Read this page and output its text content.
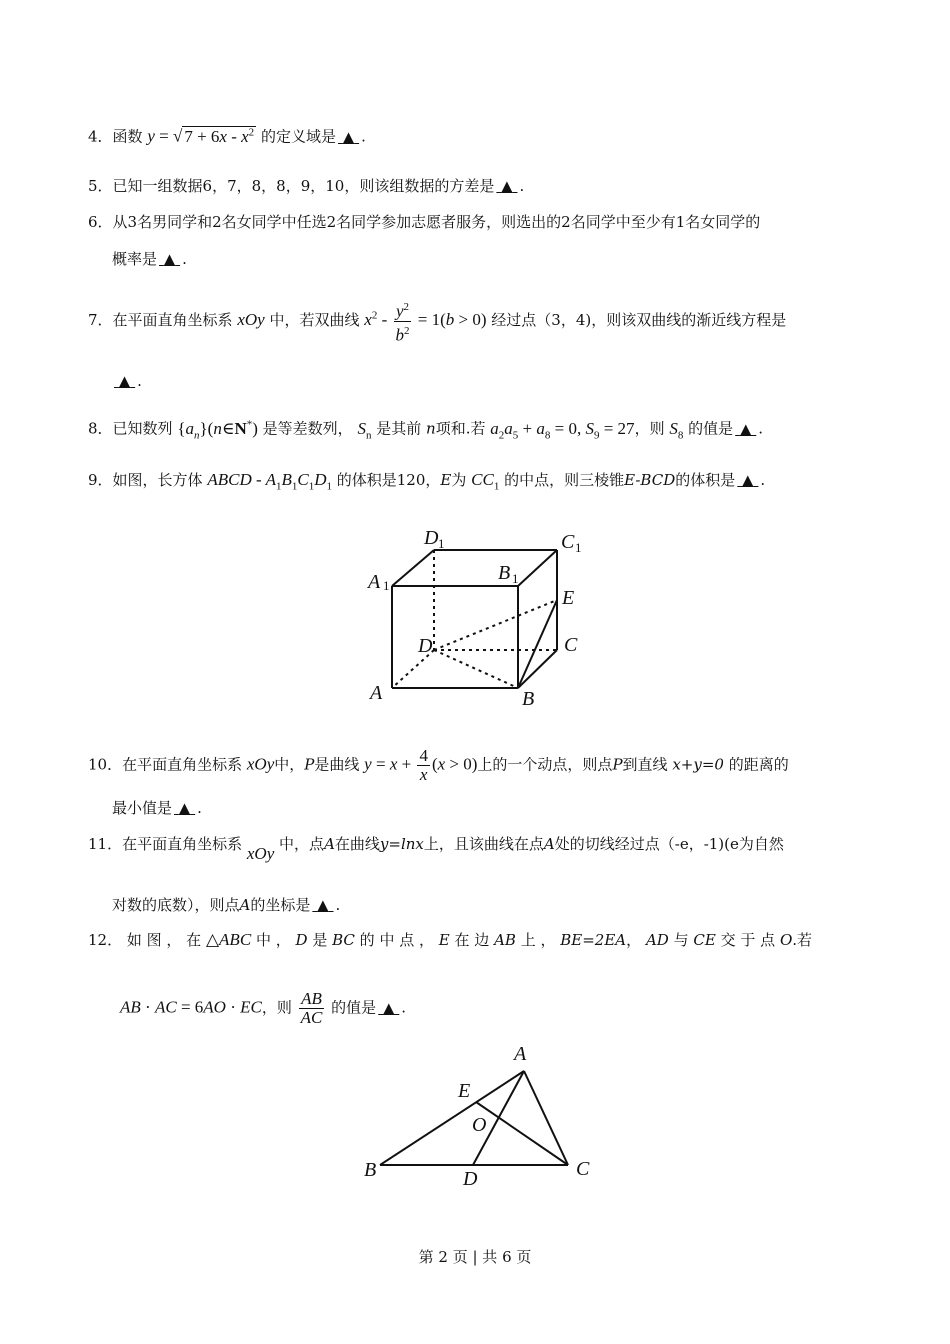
4．函数 y = √ $7 + 6x - x^2$ 的定义域是 ▲ .
5．已知一组数据6，7，8，8，9，10，则该组数据的方差是 ▲ .
6．从3名男同学和2名女同学中任选2名同学参加志愿者服务，则选出的2名同学中至少有1名女同学的
概率是 ▲ .
7．在平面直角坐标系 xOy 中，若双曲线 $x^2 - \frac{y^2}{b^2} = 1(b > 0)$ 经过点（3，4)，则该双曲线的渐近线方程是
▲ .
8．已知数列 $\{a_n\}(n\in N^*)$ 是等差数列， $S_n$ 是其前 n项和.若 $a_2a_5 + a_8 = 0$, $S_9 = 27$，则 $S_8$ 的值是 ▲ .
9．如图，长方体 ABCD - $A_1B_1C_1D_1$ 的体积是120，E为 $CC_1$ 的中点，则三棱锥E-BCD的体积是 ▲ .
A	B
C
D
E
A 1
B 1
C 1
D 1
10．在平面直角坐标系 xOy中，P是曲线 $y = x + \frac{4}{x} (x > 0)$上的一个动点，则点P到直线 x+y=0 的距离的
最小值是 ▲ .
11．在平面直角坐标系 xOy 中，点A在曲线y=lnx上，且该曲线在点A处的切线经过点（-e，-1)(e为自然
对数的底数），则点A的坐标是 ▲ .
12． 如 图 ， 在 △ABC 中 ， D 是 BC 的 中 点 ， E 在 边 AB 上 ， BE=2EA， AD 与 CE 交 于 点 O.若
AB · AC = 6AO · EC，则 $\frac{AB}{AC}$ 的值是 ▲ .
A
B	C
D
E
O
第 2 页 | 共 6 页
